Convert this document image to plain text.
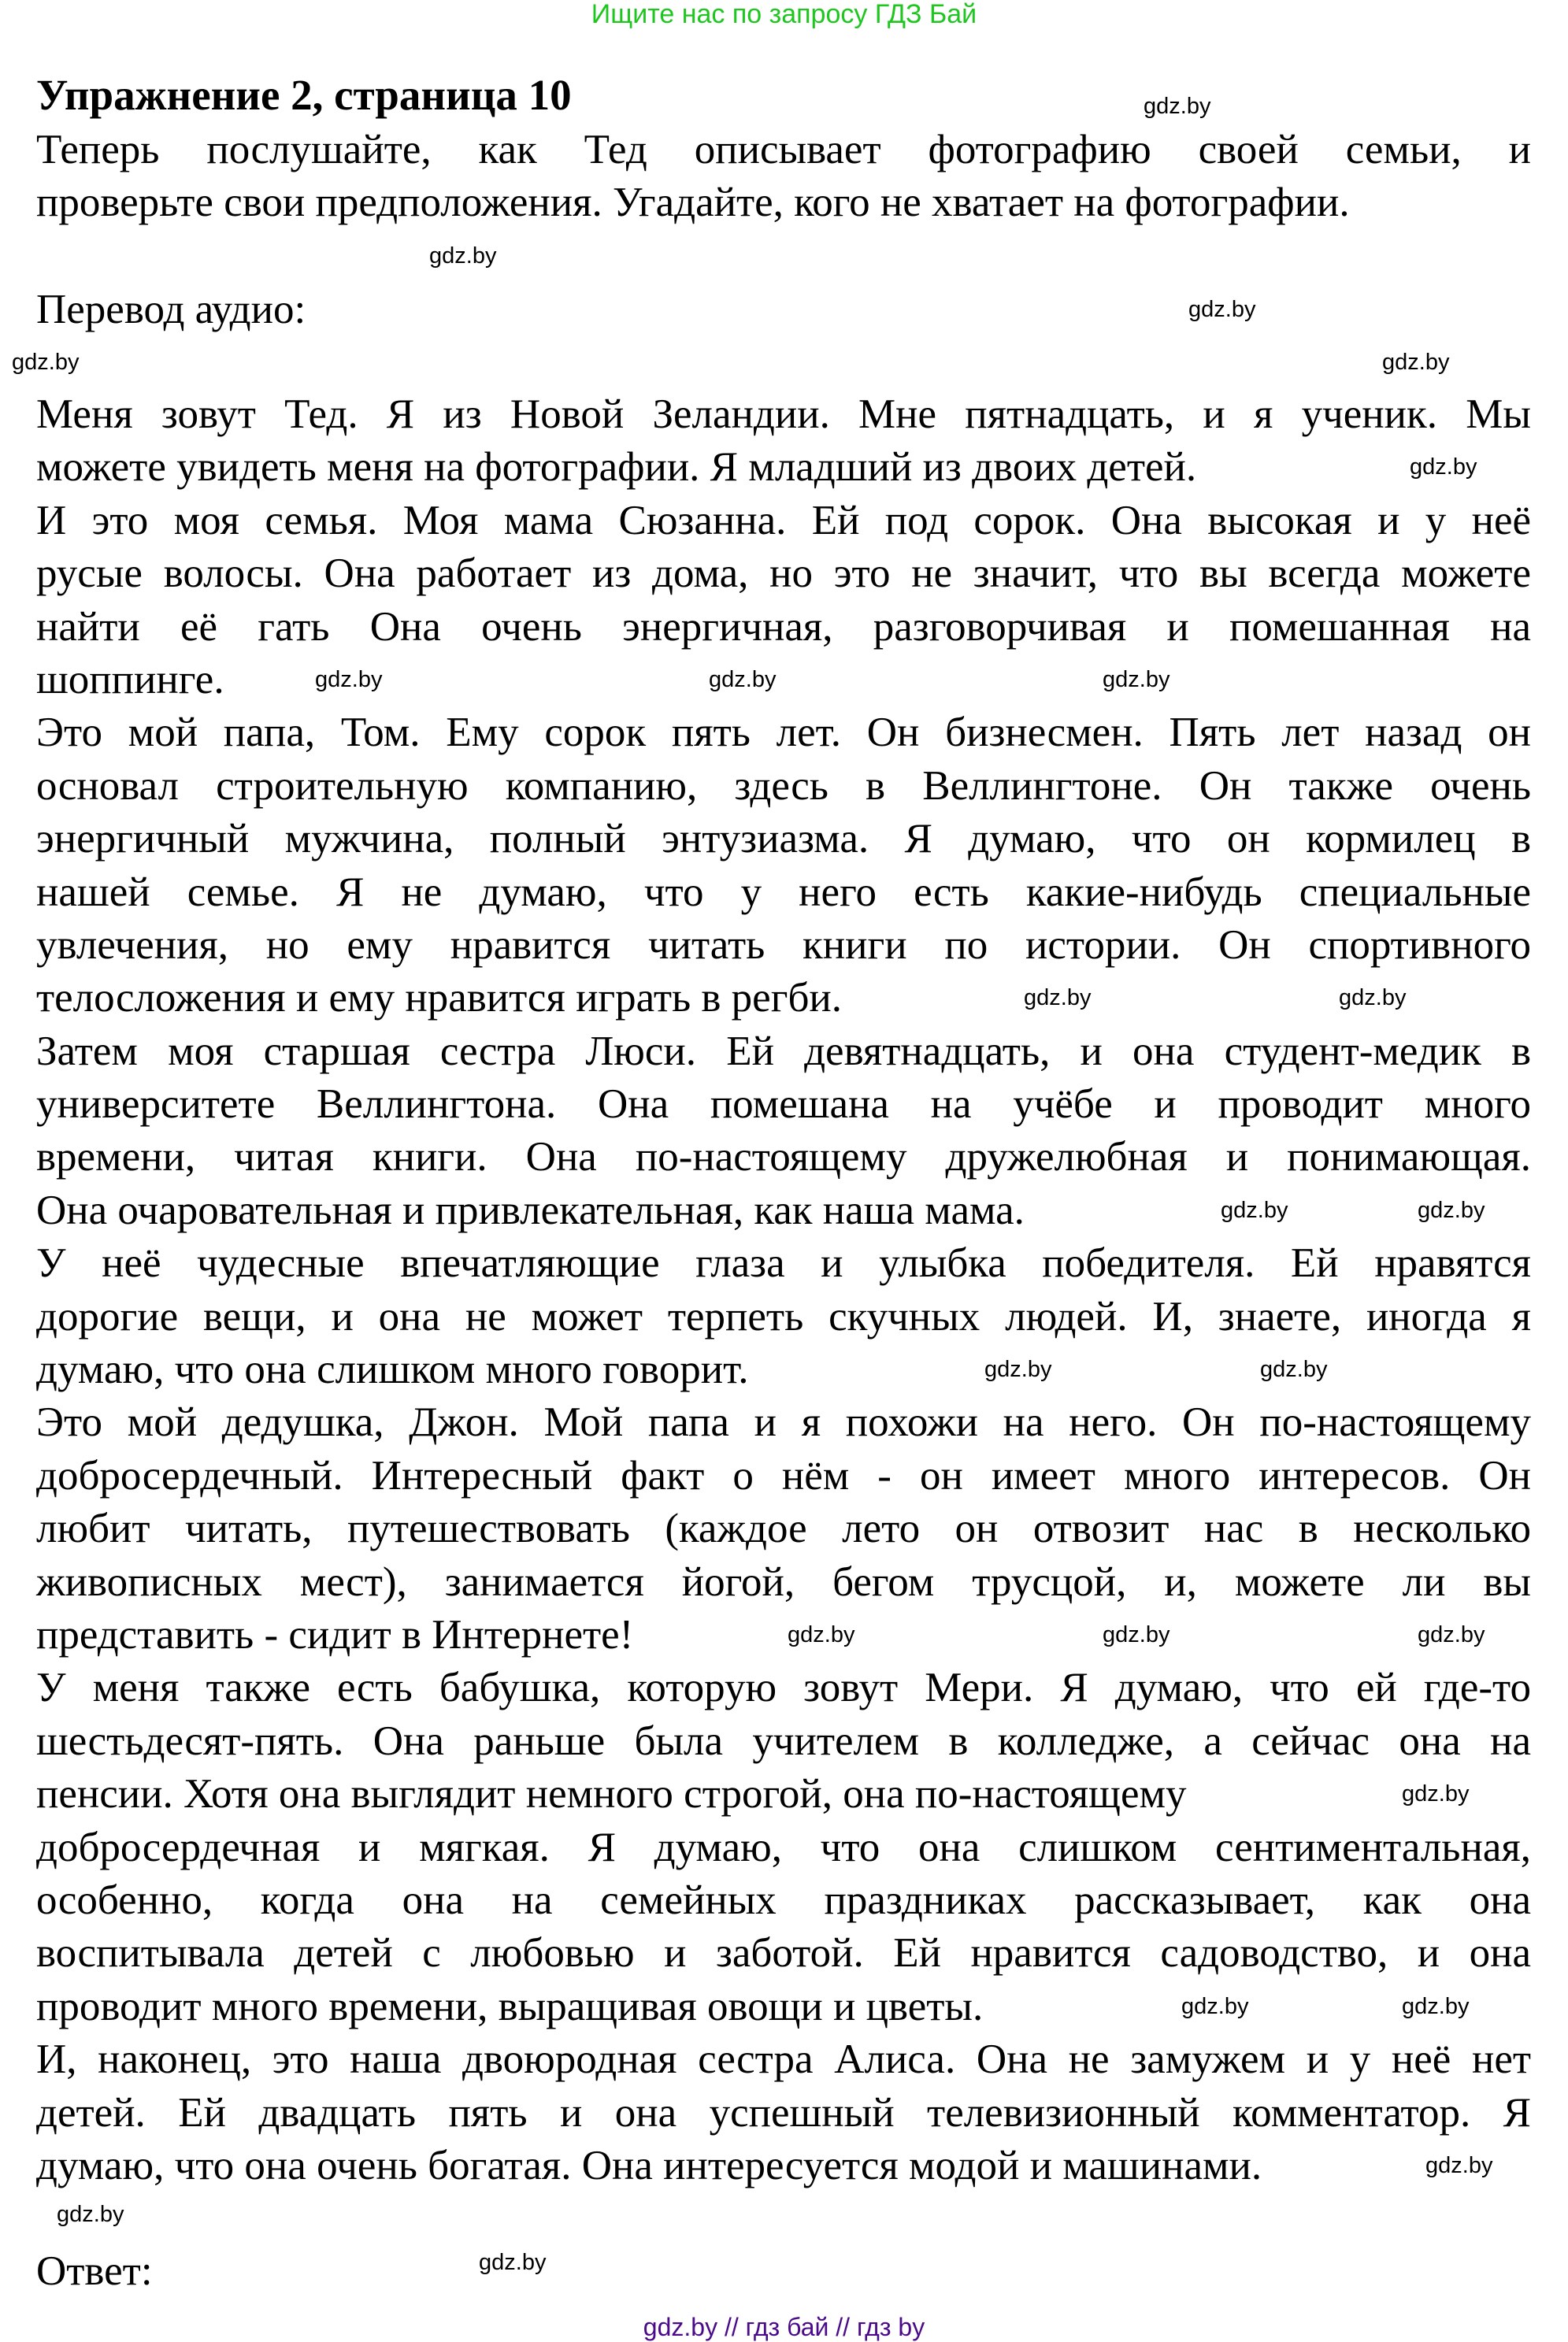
Ищите нас по запросу ГДЗ Бай
Упражнение 2, страница 10
Теперь послушайте, как Тед описывает фотографию своей семьи, и
проверьте свои предположения. Угадайте, кого не хватает на фотографии.
Перевод аудио:
Меня зовут Тед. Я из Новой Зеландии. Мне пятнадцать, и я ученик. Мы
можете увидеть меня на фотографии. Я младший из двоих детей.
И это моя семья. Моя мама Сюзанна. Ей под сорок. Она высокая и у неё
русые волосы. Она работает из дома, но это не значит, что вы всегда можете
найти её гать Она очень энергичная, разговорчивая и помешанная на
шоппинге.
Это мой папа, Том. Ему сорок пять лет. Он бизнесмен. Пять лет назад он
основал строительную компанию, здесь в Веллингтоне. Он также очень
энергичный мужчина, полный энтузиазма. Я думаю, что он кормилец в
нашей семье. Я не думаю, что у него есть какие-нибудь специальные
увлечения, но ему нравится читать книги по истории. Он спортивного
телосложения и ему нравится играть в регби.
Затем моя старшая сестра Люси. Ей девятнадцать, и она студент-медик в
университете Веллингтона. Она помешана на учёбе и проводит много
времени, читая книги. Она по-настоящему дружелюбная и понимающая.
Она очаровательная и привлекательная, как наша мама.
У неё чудесные впечатляющие глаза и улыбка победителя. Ей нравятся
дорогие вещи, и она не может терпеть скучных людей. И, знаете, иногда я
думаю, что она слишком много говорит.
Это мой дедушка, Джон. Мой папа и я похожи на него. Он по-настоящему
добросердечный. Интересный факт о нём - он имеет много интересов. Он
любит читать, путешествовать (каждое лето он отвозит нас в несколько
живописных мест), занимается йогой, бегом трусцой, и, можете ли вы
представить - сидит в Интернете!
У меня также есть бабушка, которую зовут Мери. Я думаю, что ей где-то
шестьдесят-пять. Она раньше была учителем в колледже, а сейчас она на
пенсии. Хотя она выглядит немного строгой, она по-настоящему
добросердечная и мягкая. Я думаю, что она слишком сентиментальная,
особенно, когда она на семейных праздниках рассказывает, как она
воспитывала детей с любовью и заботой. Ей нравится садоводство, и она
проводит много времени, выращивая овощи и цветы.
И, наконец, это наша двоюродная сестра Алиса. Она не замужем и у неё нет
детей. Ей двадцать пять и она успешный телевизионный комментатор. Я
думаю, что она очень богатая. Она интересуется модой и машинами.
Ответ:
gdz.by // гдз бай // гдз by
gdz.by
gdz.by
gdz.by
gdz.by	gdz.by
gdz.by
gdz.by	gdz.by	gdz.by
gdz.by	gdz.by
gdz.by	gdz.by
gdz.by	gdz.by
gdz.by	gdz.by	gdz.by
gdz.by
gdz.by	gdz.by
gdz.by
gdz.by
gdz.by
